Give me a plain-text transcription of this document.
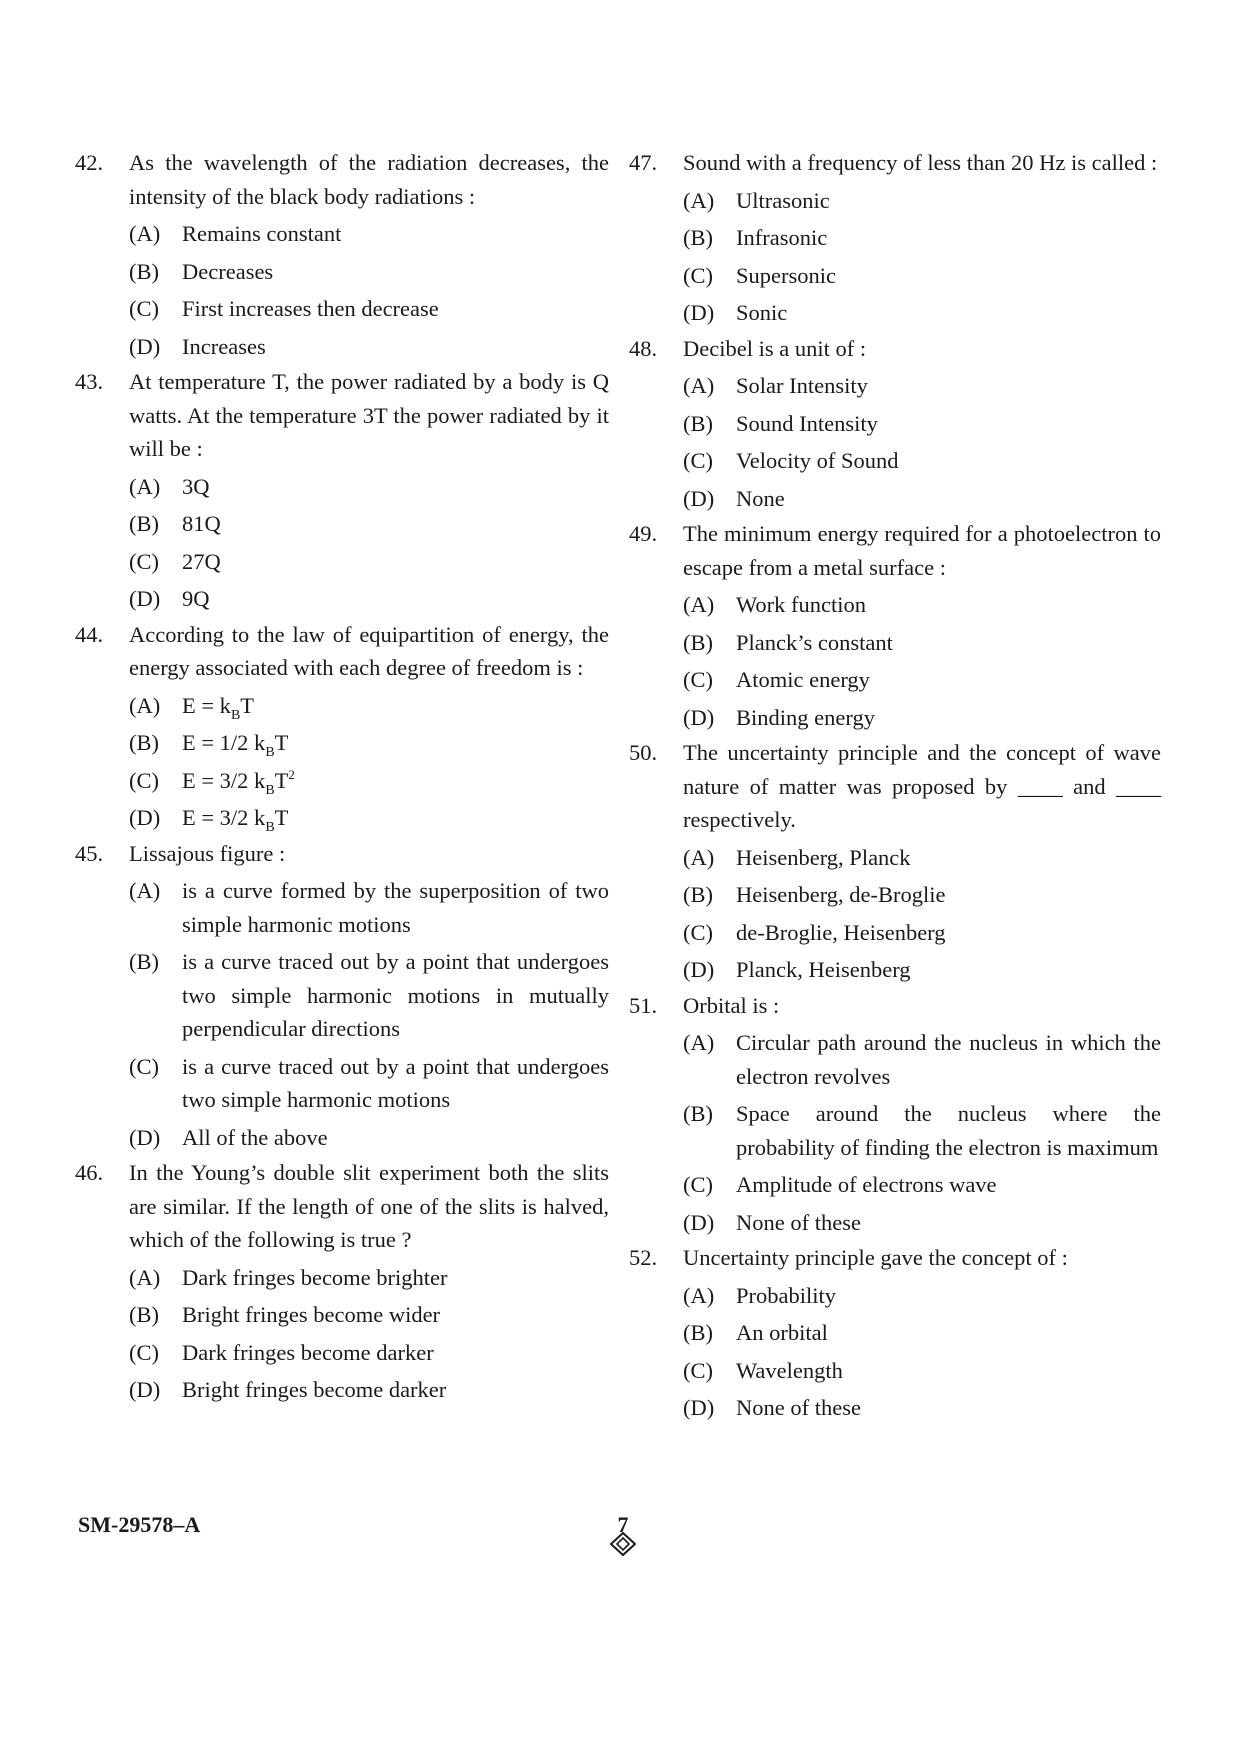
42.	As the wavelength of the radiation decreases, the intensity of the black body radiations :
(A) Remains constant
(B)	Decreases
(C)	First increases then decrease
(D) Increases
43.	At temperature T, the power radiated by a body is Q watts. At the temperature 3T the power radiated by it will be :
(A) 3Q
(B)	81Q
(C)	27Q
(D) 9Q
44.	According to the law of equipartition of energy, the energy associated with each degree of freedom is :
(A) $E = k_BT$
(B)	E = 1/2 $k_BT$
(C)	E = 3/2 $k_BT^2$
(D) E = 3/2 $k_BT$
45.	Lissajous figure :
(A) is a curve formed by the superposition of two simple harmonic motions
(B)	is a curve traced out by a point that undergoes two simple harmonic motions in mutually perpendicular directions
(C)	is a curve traced out by a point that undergoes two simple harmonic motions
(D) All of the above
46.	In the Young’s double slit experiment both the slits are similar. If the length of one of the slits is halved, which of the following is true ?
(A) Dark fringes become brighter
(B)	Bright fringes become wider
(C)	Dark fringes become darker
(D) Bright fringes become darker
47.	Sound with a frequency of less than 20 Hz is called :
(A) Ultrasonic
(B)	Infrasonic
(C)	Supersonic
(D) Sonic
48.	Decibel is a unit of :
(A) Solar Intensity
(B)	Sound Intensity
(C)	Velocity of Sound
(D) None
49.	The minimum energy required for a photoelectron to escape from a metal surface :
(A) Work function
(B)	Planck’s constant
(C)	Atomic energy
(D) Binding energy
50.	The uncertainty principle and the concept of wave nature of matter was proposed by ____ and ____ respectively.
(A) Heisenberg, Planck
(B)	Heisenberg, de-Broglie
(C)	de-Broglie, Heisenberg
(D) Planck, Heisenberg
51.	Orbital is :
(A) Circular path around the nucleus in which the electron revolves
(B)	Space around the nucleus where the probability of finding the electron is maximum
(C)	Amplitude of electrons wave
(D) None of these
52.	Uncertainty principle gave the concept of :
(A) Probability
(B)	An orbital
(C)	Wavelength
(D) None of these
SM-29578–A	7
